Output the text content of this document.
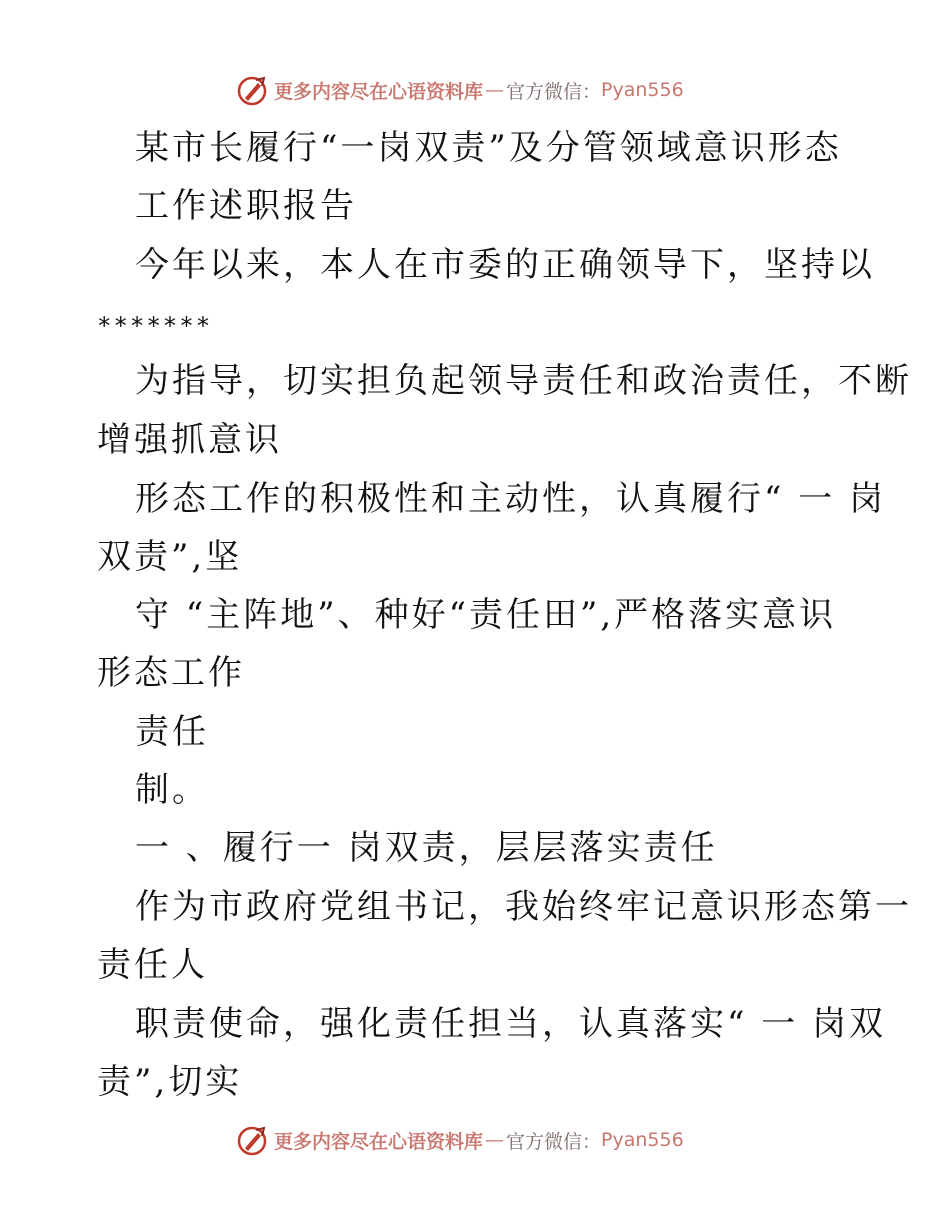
更多内容尽在心语资料库 — 官方微信： Pyan556
某市长履行“一岗双责”及分管领域意识形态
工作述职报告
今年以来，本人在市委的正确领导下，坚持以
*******
为指导，切实担负起领导责任和政治责任，不断
增强抓意识
形态工作的积极性和主动性，认真履行“ 一 岗
双责”,坚
守 “主阵地”、种好“责任田”,严格落实意识
形态工作
责任
制。
一 、履行一 岗双责，层层落实责任
作为市政府党组书记，我始终牢记意识形态第一
责任人
职责使命，强化责任担当，认真落实“ 一 岗双
责”,切实
更多内容尽在心语资料库 — 官方微信： Pyan556
